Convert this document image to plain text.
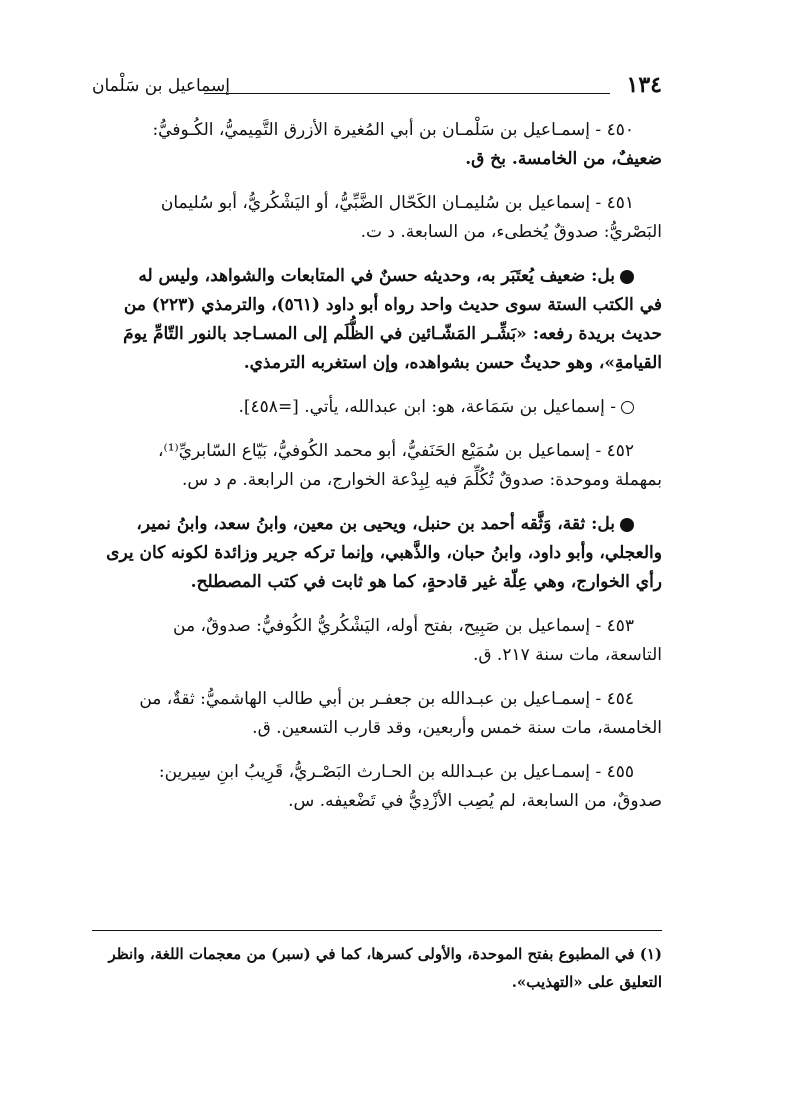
١٣٤
إسماعيل بن سَلْمان

٤٥٠ - إسمـاعيل بن سَلْمـان بن أبي المُغيرة الأزرق التَّمِيميُّ، الكُـوفيُّ:

ضعيفٌ، من الخامسة. بخ ق.

٤٥١ - إسماعيل بن سُليمـان الكَحّال الضَّبِّيُّ، أو اليَشْكُريُّ، أبو سُليمان

البَصْريُّ: صدوقٌ يُخطىء، من السابعة. د ت.

بل: ضعيف يُعتَبَر به، وحديثه حسنٌ في المتابعات والشواهد، وليس له

في الكتب الستة سوى حديث واحد رواه أبو داود (٥٦١)، والترمذي (٢٢٣) من

حديث بريدة رفعه: «بَشِّـر المَشّـائين في الظُّلَم إلى المسـاجد بالنور التّامِّ يومَ

القيامةِ»، وهو حديثٌ حسن بشواهده، وإن استغربه الترمذي.

- إسماعيل بن سَمَاعة، هو: ابن عبدالله، يأتي. [=٤٥٨].

٤٥٢ - إسماعيل بن سُمَيْع الحَنَفيُّ، أبو محمد الكُوفيُّ، بَيّاع السّابريِّ⁽¹⁾،

بمهملة وموحدة: صدوقٌ تُكُلِّمَ فيه لِبِدْعة الخوارج، من الرابعة. م د س.

بل: ثقة، وَثَّقه أحمد بن حنبل، ويحيى بن معين، وابنُ سعد، وابنُ نمير،

والعجلي، وأبو داود، وابنُ حبان، والذَّهبي، وإنما تركه جرير وزائدة لكونه كان يرى

رأي الخوارج، وهي عِلّة غير قادحةٍ، كما هو ثابت في كتب المصطلح.

٤٥٣ - إسماعيل بن صَبِيح، بفتح أوله، اليَشْكُريُّ الكُوفيُّ: صدوقٌ، من

التاسعة، مات سنة ٢١٧. ق.

٤٥٤ - إسمـاعيل بن عبـدالله بن جعفـر بن أبي طالب الهاشميُّ: ثقةٌ، من

الخامسة، مات سنة خمس وأربعين، وقد قارب التسعين. ق.

٤٥٥ - إسمـاعيل بن عبـدالله بن الحـارث البَصْـريُّ، قَرِيبُ ابنِ سِيرين:

صدوقٌ، من السابعة، لم يُصِب الأزْدِيُّ في تَضْعيفه. س.

(١) في المطبوع بفتح الموحدة، والأولى كسرها، كما في (سبر) من معجمات اللغة، وانظر

التعليق على «التهذيب».
